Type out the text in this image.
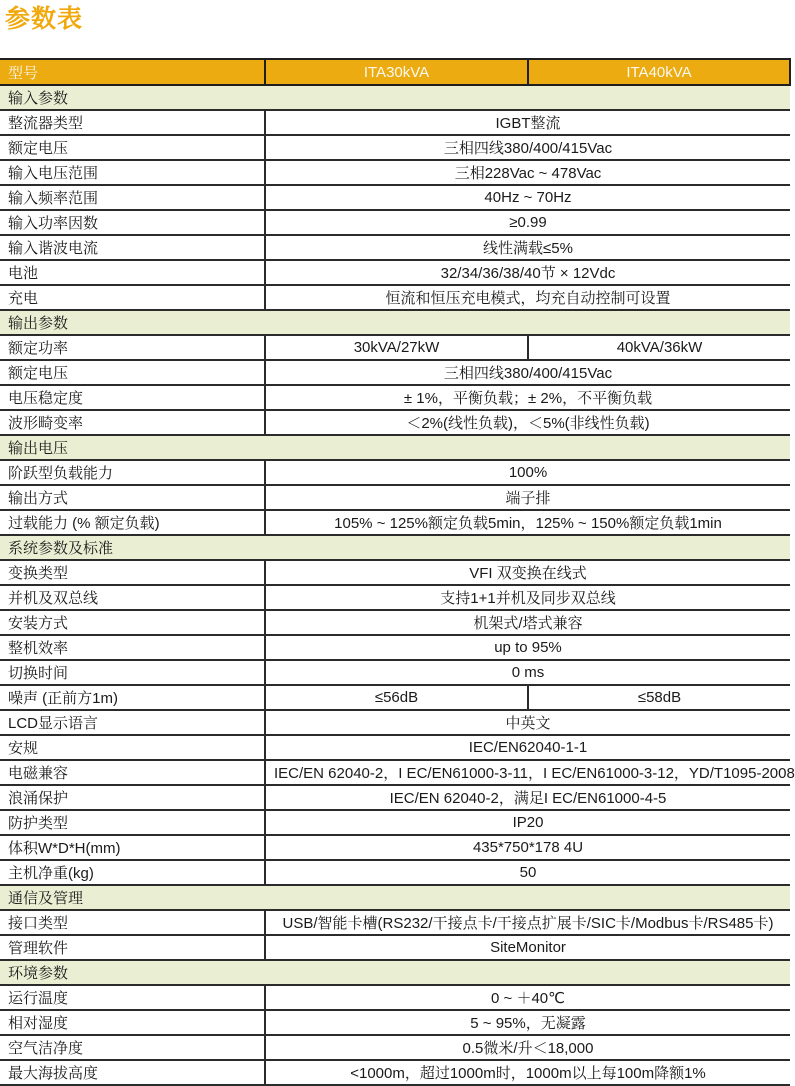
参数表
型号	ITA30kVA	ITA40kVA
输入参数		
整流器类型	IGBT整流	
额定电压	三相四线380/400/415Vac	
输入电压范围	三相228Vac ~ 478Vac	
输入频率范围	40Hz ~ 70Hz	
输入功率因数	≥0.99	
输入谐波电流	线性满载≤5%	
电池	32/34/36/38/40节 × 12Vdc	
充电	恒流和恒压充电模式，均充自动控制可设置	
输出参数		
额定功率	30kVA/27kW	40kVA/36kW
额定电压	三相四线380/400/415Vac	
电压稳定度	± 1%，平衡负载；± 2%，不平衡负载	
波形畸变率	＜2%(线性负载)，＜5%(非线性负载)	
输出电压		
阶跃型负载能力	100%	
输出方式	端子排	
过载能力 (% 额定负载)	105% ~ 125%额定负载5min，125% ~ 150%额定负载1min	
系统参数及标准		
变换类型	VFI 双变换在线式	
并机及双总线	支持1+1并机及同步双总线	
安装方式	机架式/塔式兼容	
整机效率	up to 95%	
切换时间	0 ms	
噪声 (正前方1m)	≤56dB	≤58dB
LCD显示语言	中英文	
安规	IEC/EN62040-1-1	
电磁兼容	IEC/EN 62040-2，I EC/EN61000-3-11，I EC/EN61000-3-12，YD/T1095-2008	
浪涌保护	IEC/EN 62040-2，满足I EC/EN61000-4-5	
防护类型	IP20	
体积W*D*H(mm)	435*750*178 4U	
主机净重(kg)	50	
通信及管理		
接口类型	USB/智能卡槽(RS232/干接点卡/干接点扩展卡/SIC卡/Modbus卡/RS485卡)	
管理软件	SiteMonitor	
环境参数		
运行温度	0 ~ ＋40℃	
相对湿度	5 ~ 95%，无凝露	
空气洁净度	0.5微米/升＜18,000	
最大海拔高度	<1000m，超过1000m时，1000m以上每100m降额1%	
